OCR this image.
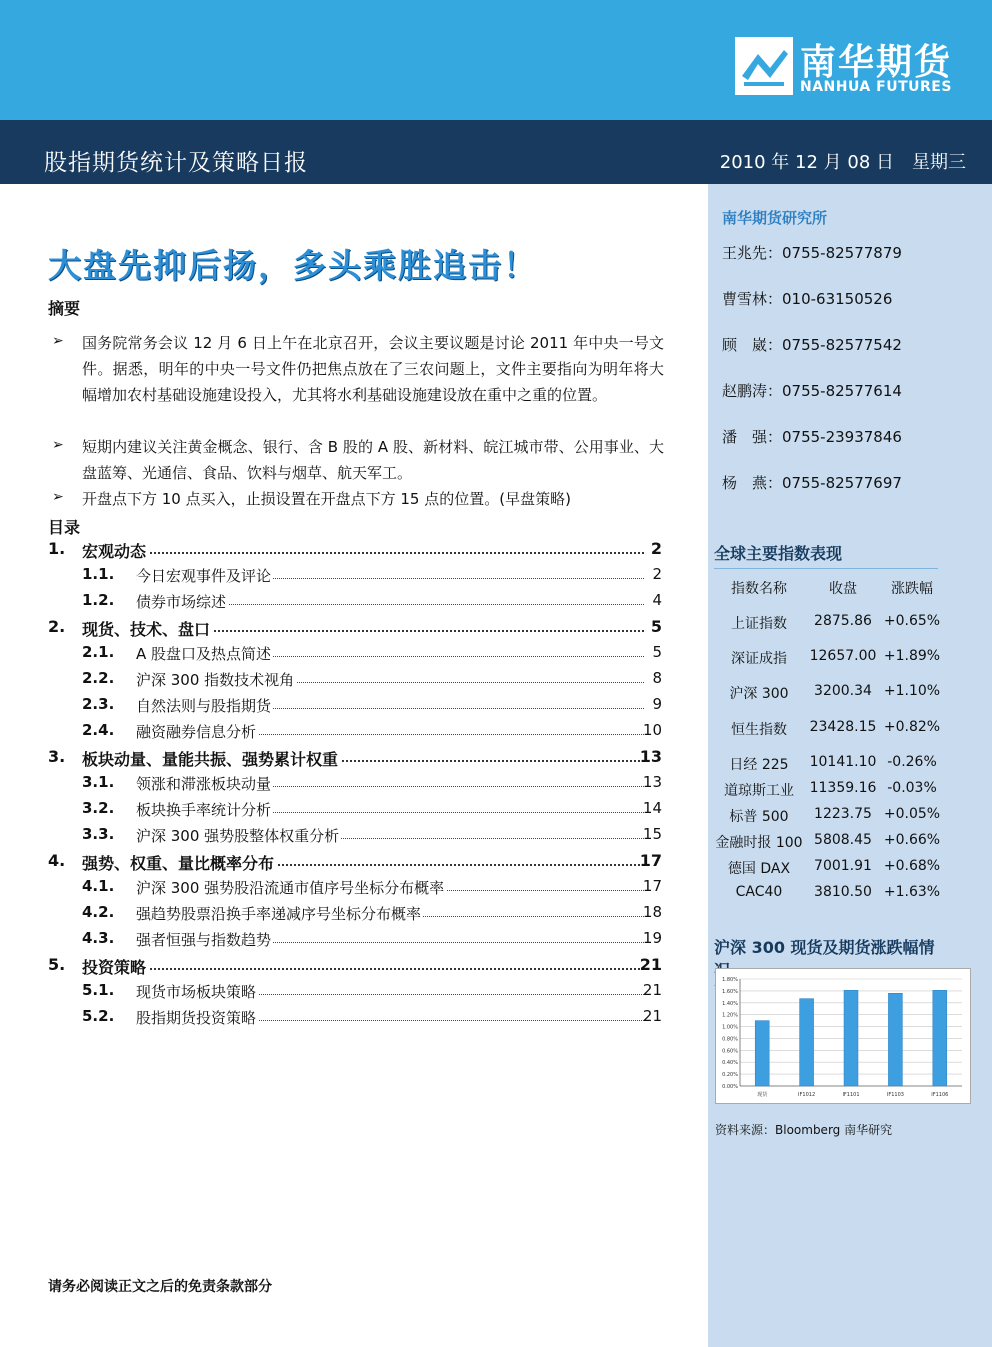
南华期货
NANHUA FUTURES
股指期货统计及策略日报	2010 年 12 月 08 日　星期三
南华期货研究所
王兆先：0755-82577879
曹雪林：010-63150526
顾　崴：0755-82577542
赵鹏涛：0755-82577614
潘　强：0755-23937846
杨　燕：0755-82577697
全球主要指数表现
指数名称	收盘	涨跌幅
上证指数	2875.86 +0.65%
深证成指	12657.00 +1.89%
沪深 300	3200.34 +1.10%
恒生指数	23428.15 +0.82%
日经 225	10141.10 -0.26%
道琼斯工业	11359.16 -0.03%
标普 500	1223.75 +0.05%
金融时报 100 5808.45 +0.66%
德国 DAX	7001.91 +0.68%
CAC40	3810.50 +1.63%
沪深 300 现货及期货涨跌幅情
0.00%
0.20%
0.40%
0.60%
0.80%
1.00%
1.20%
1.40%
1.60%
1.80%
现货	IF1012	IF1101	IF1103	IF1106
资料来源：Bloomberg 南华研究
大盘先抑后扬，多头乘胜追击！
摘要
➢ 国务院常务会议 12 月 6 日上午在北京召开，会议主要议题是讨论 2011 年中央一号文件。据悉，明年的中央一号文件仍把焦点放在了三农问题上，文件主要指向为明年将大幅增加农村基础设施建设投入，尤其将水利基础设施建设放在重中之重的位置。
➢ 短期内建议关注黄金概念、银行、含 B 股的 A 股、新材料、皖江城市带、公用事业、大盘蓝筹、光通信、食品、饮料与烟草、航天军工。
➢ 开盘点下方 10 点买入，止损设置在开盘点下方 15 点的位置。(早盘策略)
目录
1. 宏观动态	2
1.1. 今日宏观事件及评论	2
1.2. 债券市场综述	4
2. 现货、技术、盘口	5
2.1. A 股盘口及热点简述	5
2.2. 沪深 300 指数技术视角	8
2.3. 自然法则与股指期货	9
2.4. 融资融券信息分析	10
3. 板块动量、量能共振、强势累计权重	13
3.1. 领涨和滞涨板块动量	13
3.2. 板块换手率统计分析	14
3.3. 沪深 300 强势股整体权重分析	15
4. 强势、权重、量比概率分布	17
4.1. 沪深 300 强势股沿流通市值序号坐标分布概率	17
4.2. 强趋势股票沿换手率递减序号坐标分布概率	18
4.3. 强者恒强与指数趋势	19
5. 投资策略	21
5.1. 现货市场板块策略	21
5.2. 股指期货投资策略	21
请务必阅读正文之后的免责条款部分
